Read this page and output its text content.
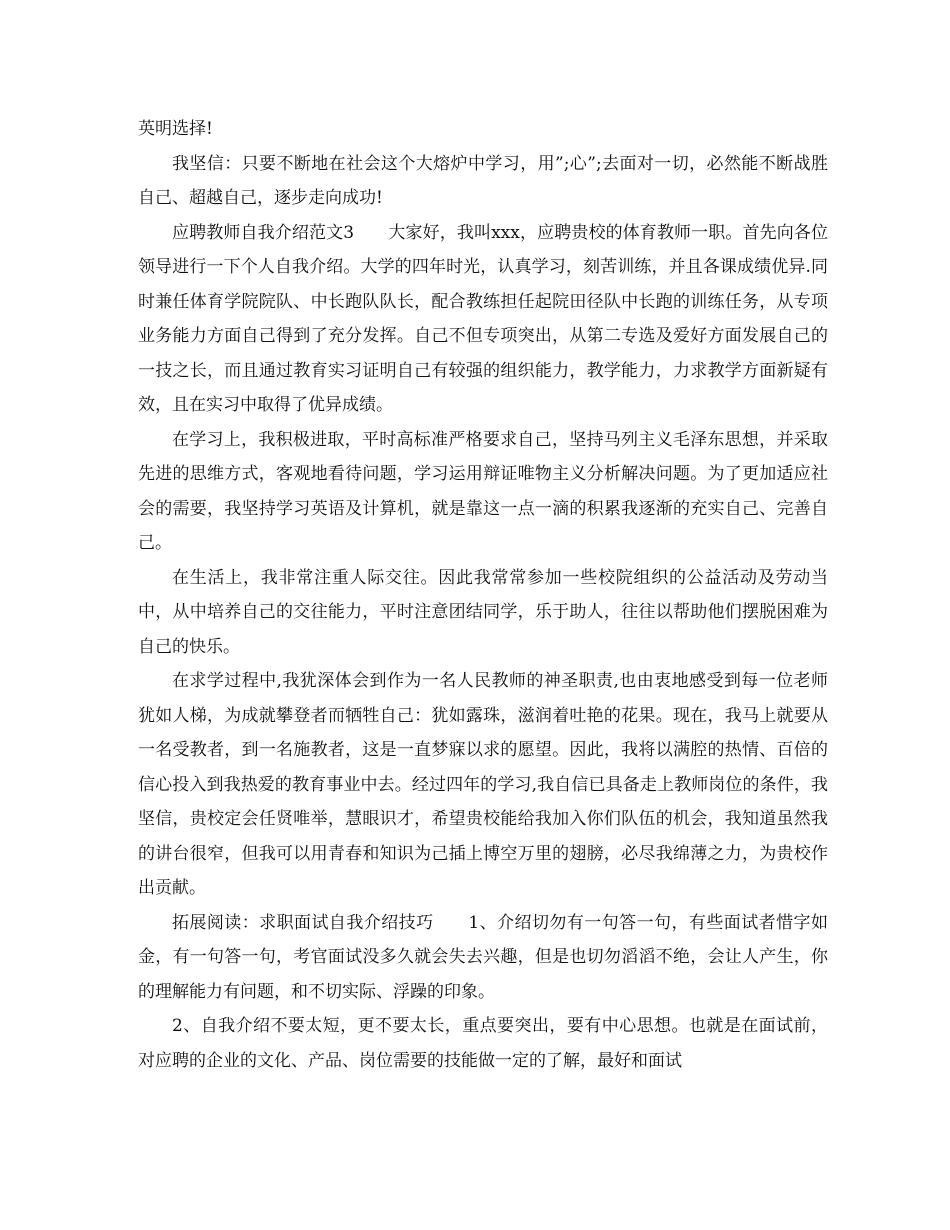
英明选择!

我坚信：只要不断地在社会这个大熔炉中学习，用”;心”;去面对一切，必然能不断战胜自己、超越自己，逐步走向成功!

应聘教师自我介绍范文3　　大家好，我叫xxx，应聘贵校的体育教师一职。首先向各位领导进行一下个人自我介绍。大学的四年时光，认真学习，刻苦训练，并且各课成绩优异.同时兼任体育学院院队、中长跑队队长，配合教练担任起院田径队中长跑的训练任务，从专项业务能力方面自己得到了充分发挥。自己不但专项突出，从第二专选及爱好方面发展自己的一技之长，而且通过教育实习证明自己有较强的组织能力，教学能力，力求教学方面新疑有效，且在实习中取得了优异成绩。

在学习上，我积极进取，平时高标准严格要求自己，坚持马列主义毛泽东思想，并采取先进的思维方式，客观地看待问题，学习运用辩证唯物主义分析解决问题。为了更加适应社会的需要，我坚持学习英语及计算机，就是靠这一点一滴的积累我逐渐的充实自己、完善自己。

在生活上，我非常注重人际交往。因此我常常参加一些校院组织的公益活动及劳动当中，从中培养自己的交往能力，平时注意团结同学，乐于助人，往往以帮助他们摆脱困难为自己的快乐。

在求学过程中,我犹深体会到作为一名人民教师的神圣职责,也由衷地感受到每一位老师犹如人梯，为成就攀登者而牺牲自己：犹如露珠，滋润着吐艳的花果。现在，我马上就要从一名受教者，到一名施教者，这是一直梦寐以求的愿望。因此，我将以满腔的热情、百倍的信心投入到我热爱的教育事业中去。经过四年的学习,我自信已具备走上教师岗位的条件，我坚信，贵校定会任贤唯举，慧眼识才，希望贵校能给我加入你们队伍的机会，我知道虽然我的讲台很窄，但我可以用青春和知识为己插上博空万里的翅膀，必尽我绵薄之力，为贵校作出贡献。

拓展阅读：求职面试自我介绍技巧　　1、介绍切勿有一句答一句，有些面试者惜字如金，有一句答一句，考官面试没多久就会失去兴趣，但是也切勿滔滔不绝，会让人产生，你的理解能力有问题，和不切实际、浮躁的印象。

2、自我介绍不要太短，更不要太长，重点要突出，要有中心思想。也就是在面试前，对应聘的企业的文化、产品、岗位需要的技能做一定的了解，最好和面试
